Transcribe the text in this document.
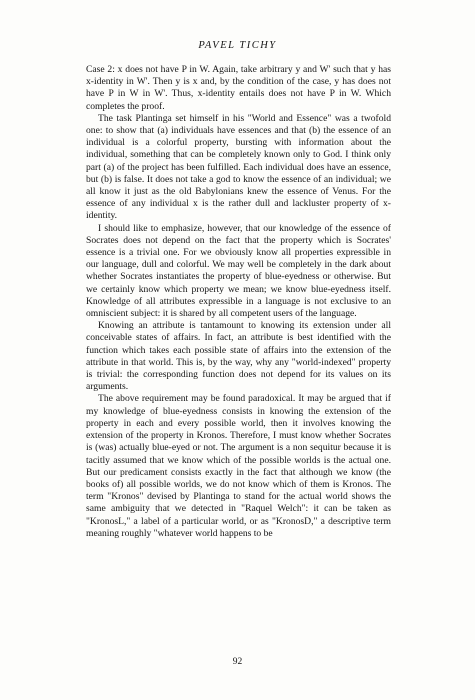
PAVEL TICHY

Case 2: x does not have P in W. Again, take arbitrary y and W' such that y has x-identity in W'. Then y is x and, by the condition of the case, y has does not have P in W in W'. Thus, x-identity entails does not have P in W. Which completes the proof.

The task Plantinga set himself in his "World and Essence" was a twofold one: to show that (a) individuals have essences and that (b) the essence of an individual is a colorful property, bursting with information about the individual, something that can be completely known only to God. I think only part (a) of the project has been fulfilled. Each individual does have an essence, but (b) is false. It does not take a god to know the essence of an individual; we all know it just as the old Babylonians knew the essence of Venus. For the essence of any individual x is the rather dull and lackluster property of x-identity.

I should like to emphasize, however, that our knowledge of the essence of Socrates does not depend on the fact that the property which is Socrates' essence is a trivial one. For we obviously know all properties expressible in our language, dull and colorful. We may well be completely in the dark about whether Socrates instantiates the property of blue-eyedness or otherwise. But we certainly know which property we mean; we know blue-eyedness itself. Knowledge of all attributes expressible in a language is not exclusive to an omniscient subject: it is shared by all competent users of the language.

Knowing an attribute is tantamount to knowing its extension under all conceivable states of affairs. In fact, an attribute is best identified with the function which takes each possible state of affairs into the extension of the attribute in that world. This is, by the way, why any "world-indexed" property is trivial: the corresponding function does not depend for its values on its arguments.

The above requirement may be found paradoxical. It may be argued that if my knowledge of blue-eyedness consists in knowing the extension of the property in each and every possible world, then it involves knowing the extension of the property in Kronos. Therefore, I must know whether Socrates is (was) actually blue-eyed or not. The argument is a non sequitur because it is tacitly assumed that we know which of the possible worlds is the actual one. But our predicament consists exactly in the fact that although we know (the books of) all possible worlds, we do not know which of them is Kronos. The term "Kronos" devised by Plantinga to stand for the actual world shows the same ambiguity that we detected in "Raquel Welch": it can be taken as "KronosL," a label of a particular world, or as "KronosD," a descriptive term meaning roughly "whatever world happens to be

92
